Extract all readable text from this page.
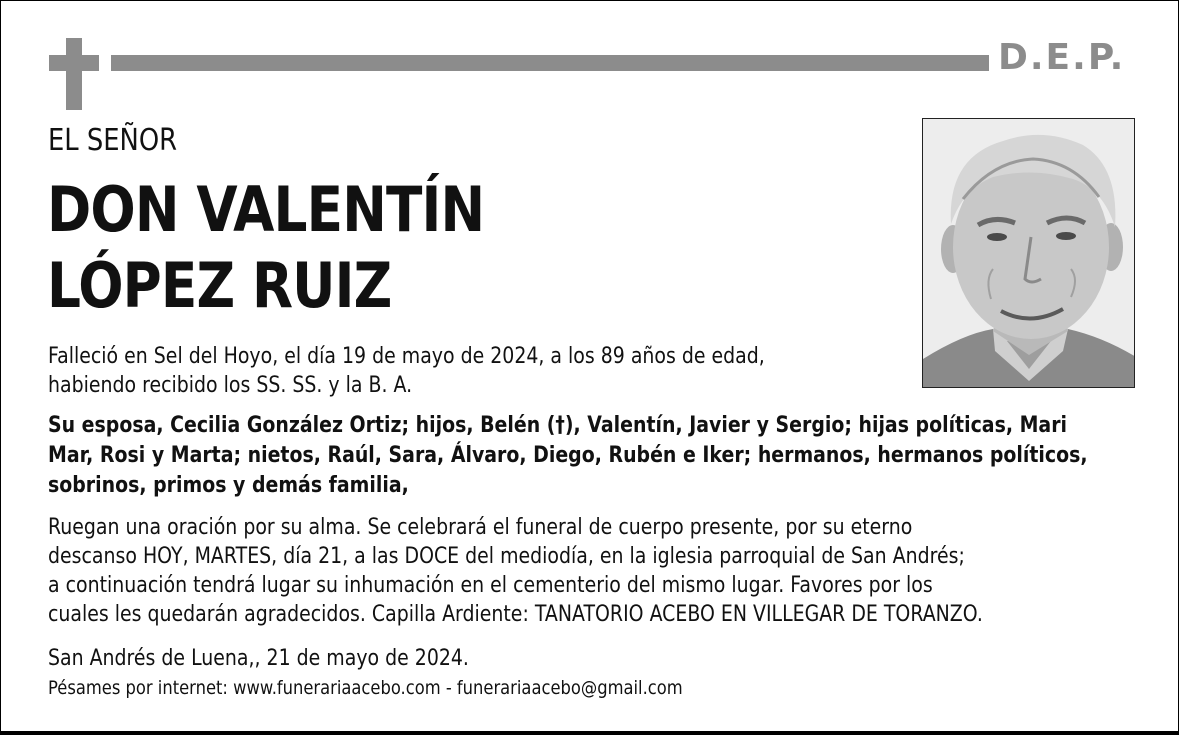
D.E.P.
EL SEÑOR
DON VALENTÍN
LÓPEZ RUIZ
Falleció en Sel del Hoyo, el día 19 de mayo de 2024, a los 89 años de edad,
habiendo recibido los SS. SS. y la B. A.
Su esposa, Cecilia González Ortiz; hijos, Belén (†), Valentín, Javier y Sergio; hijas políticas, Mari
Mar, Rosi y Marta; nietos, Raúl, Sara, Álvaro, Diego, Rubén e Iker; hermanos, hermanos políticos,
sobrinos, primos y demás familia,
Ruegan una oración por su alma. Se celebrará el funeral de cuerpo presente, por su eterno
descanso HOY, MARTES, día 21, a las DOCE del mediodía, en la iglesia parroquial de San Andrés;
a continuación tendrá lugar su inhumación en el cementerio del mismo lugar. Favores por los
cuales les quedarán agradecidos. Capilla Ardiente: TANATORIO ACEBO EN VILLEGAR DE TORANZO.
San Andrés de Luena,, 21 de mayo de 2024.
Pésames por internet: www.funerariaacebo.com - funerariaacebo@gmail.com
